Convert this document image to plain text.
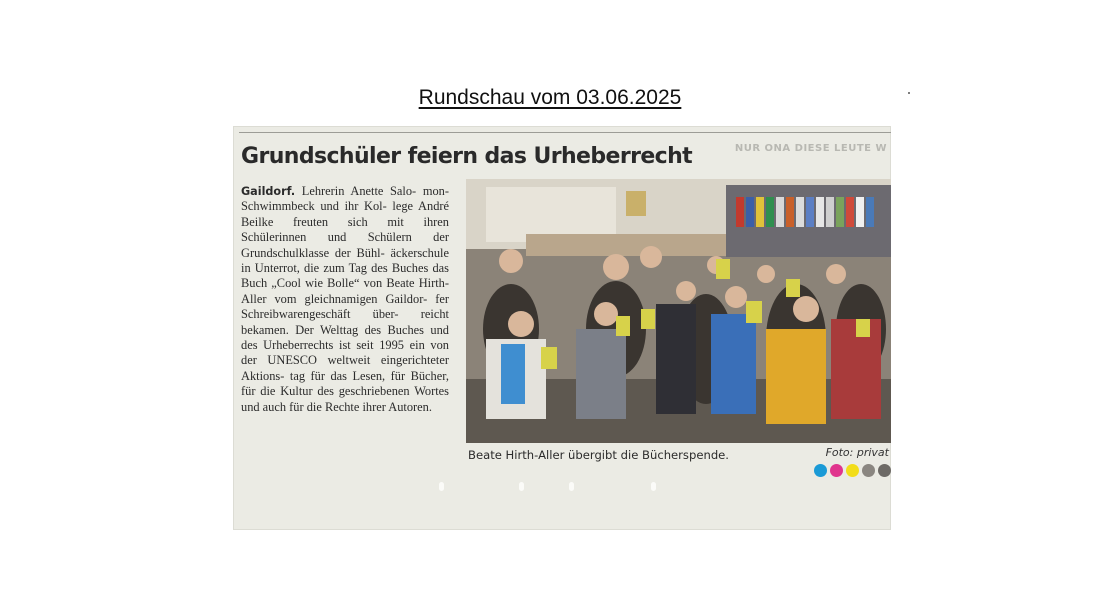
Rundschau vom 03.06.2025
NUR ONA DIESE LEUTE W
Grundschüler feiern das Urheberrecht
Gaildorf. Lehrerin Anette Salo- mon-Schwimmbeck und ihr Kol- lege André Beilke freuten sich mit ihren Schülerinnen und Schülern der Grundschulklasse der Bühl- äckerschule in Unterrot, die zum Tag des Buches das Buch „Cool wie Bolle“ von Beate Hirth-Aller vom gleichnamigen Gaildor- fer Schreibwarengeschäft über- reicht bekamen. Der Welttag des Buches und des Urheberrechts ist seit 1995 ein von der UNESCO weltweit eingerichteter Aktions- tag für das Lesen, für Bücher, für die Kultur des geschriebenen Wortes und auch für die Rechte ihrer Autoren.
Beate Hirth-Aller übergibt die Bücherspende.	Foto: privat
